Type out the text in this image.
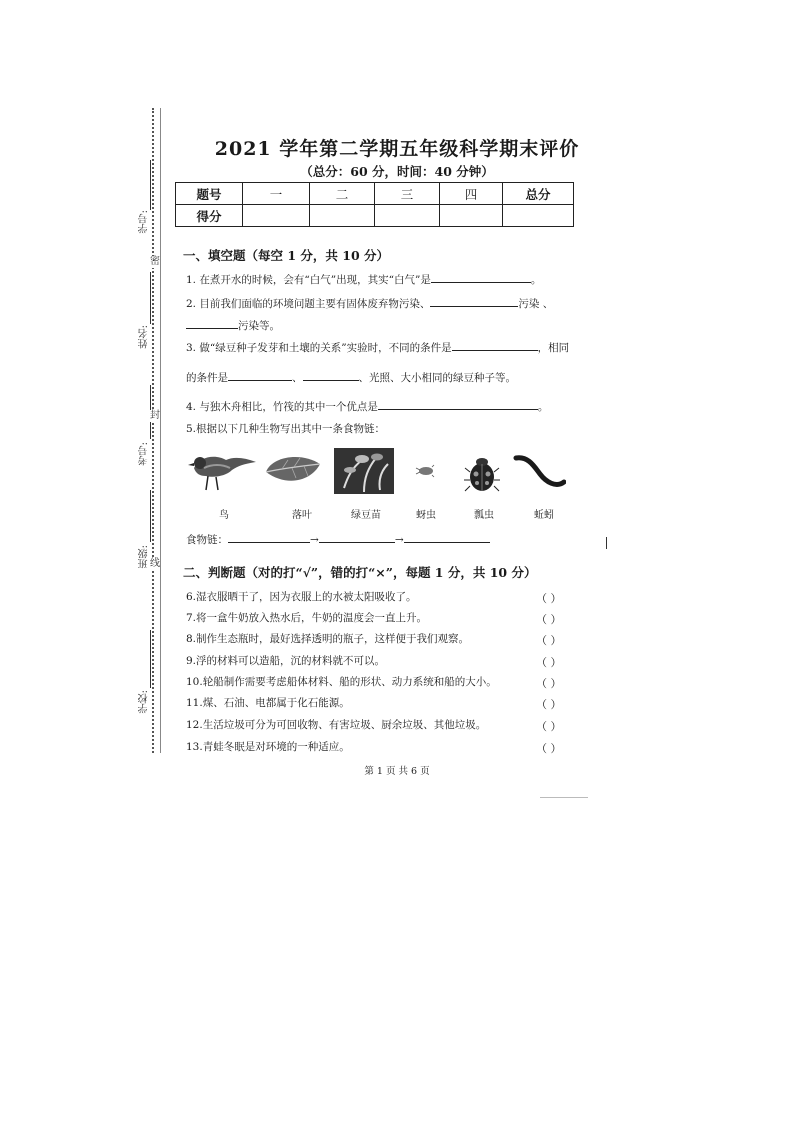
学号:
姓名:
考号:
班级:
学校:
密
封
线
2021 学年第二学期五年级科学期末评价
（总分：60 分，时间：40 分钟）
题号	一	二	三	四	总分
得分					
一、填空题（每空 1 分，共 10 分）
1. 在煮开水的时候，会有“白气”出现，其实“白气”是	。
2. 目前我们面临的环境问题主要有固体废弃物污染、	污染 、
污染等。
3. 做“绿豆种子发芽和土壤的关系”实验时，不同的条件是	，相同
的条件是	、	、光照、大小相同的绿豆种子等。
4. 与独木舟相比，竹筏的其中一个优点是	。
5.根据以下几种生物写出其中一条食物链：
鸟	落叶	绿豆苗	蚜虫	瓢虫	蚯蚓
食物链：	→	→
二、判断题（对的打“√”，错的打“×”，每题 1 分，共 10 分）
6.湿衣服晒干了，因为衣服上的水被太阳吸收了。	（ ）
7.将一盒牛奶放入热水后，牛奶的温度会一直上升。	（ ）
8.制作生态瓶时，最好选择透明的瓶子，这样便于我们观察。	（ ）
9.浮的材料可以造船，沉的材料就不可以。	（ ）
10.轮船制作需要考虑船体材料、船的形状、动力系统和船的大小。	（ ）
11.煤、石油、电都属于化石能源。	（ ）
12.生活垃圾可分为可回收物、有害垃圾、厨余垃圾、其他垃圾。	（ ）
13.青蛙冬眠是对环境的一种适应。	（ ）
第 1 页 共 6 页
